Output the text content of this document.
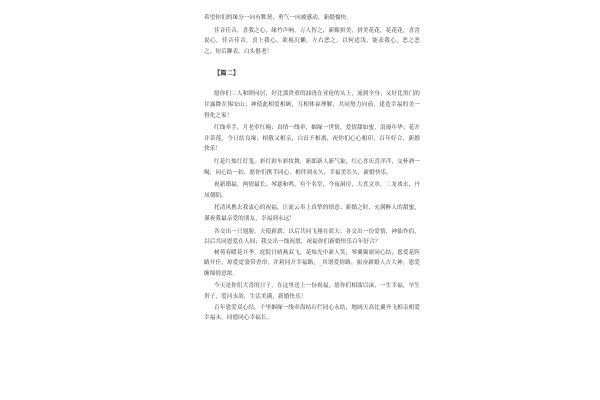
希望你们的缘分一向有默契，勇气一向被感动，新婚愉快。

佳音佳音，喜我之心，缘竹声响，万人智之，新媚拼美，拼美花花，花花花，喜喜说心，佳音佳音，喜上我心，欲视沉懒，左右恶之，以何适浅，能表我心，恶之恶之，短后聊表，白头偕老！

【篇二】

愿你们二人和睦同居，好比那贵重的油浇在亚伦的头上，流到全身；又好比黑门的甘露降在锡安山；神使此相爱相顾，互相体谅理解，共同努力向前，建造幸福的美一督化之家！

红线牵手，月老牵红绳；真情一线牵，姻缘一世情，爱情甜如蜜，浪漫年华；花开并蒂莲，今日结良缘；相敬又相亲，白首不相离，祝你们心心相印，百年好合，新婚快乐！

红花红烛红灯笼，彩灯彩车彩妆舞，新郎新人新气象，红心喜庆喜洋洋，交杯酒一喝，同心结一扣，愿你们携手同心，相伴到永久，幸福美长久，新婚快乐。

祝新婚福，两情最长，琴瑟和鸣，有个名堂，今夜洞房，大喜文章，二龙戏水，丹凤朝阳。

托清风携去我衷心的祝福，让流云奉上真挚的情意；新婚之时，充满醉人的甜蜜，谨祝我最亲爱的朋友，幸福到永远！

各交出一只翅膀，天使新薪，以后共同飞翔在蓝天；各交出一份爱情，神仙作侣，以后共同恩爱在人间；我交出一线祝愿，祝福你们新婚快乐百年好合？

树苑春暖花开季，庭院日晴燕双飞，花烛光中新人笑，琴翼频窗同心结，恩爱花阵路开任，琼爱霓裳带香帘，并莉同开幸福路，_其谱爱情路，振奋新婚人吉大神，恩爱缠绵情意浓。

今天是你们大喜的日子，在这里送上一份祝福，愿你们相濡以沫，一生幸福，早生贵子，爱河永浴，生活美满，新婚快乐！

百年恩爱双心结，千里姻缘一线牵海枯石烂同心永结，地阔天高比翼齐飞相亲相爱幸福永，同德同心幸福长。
